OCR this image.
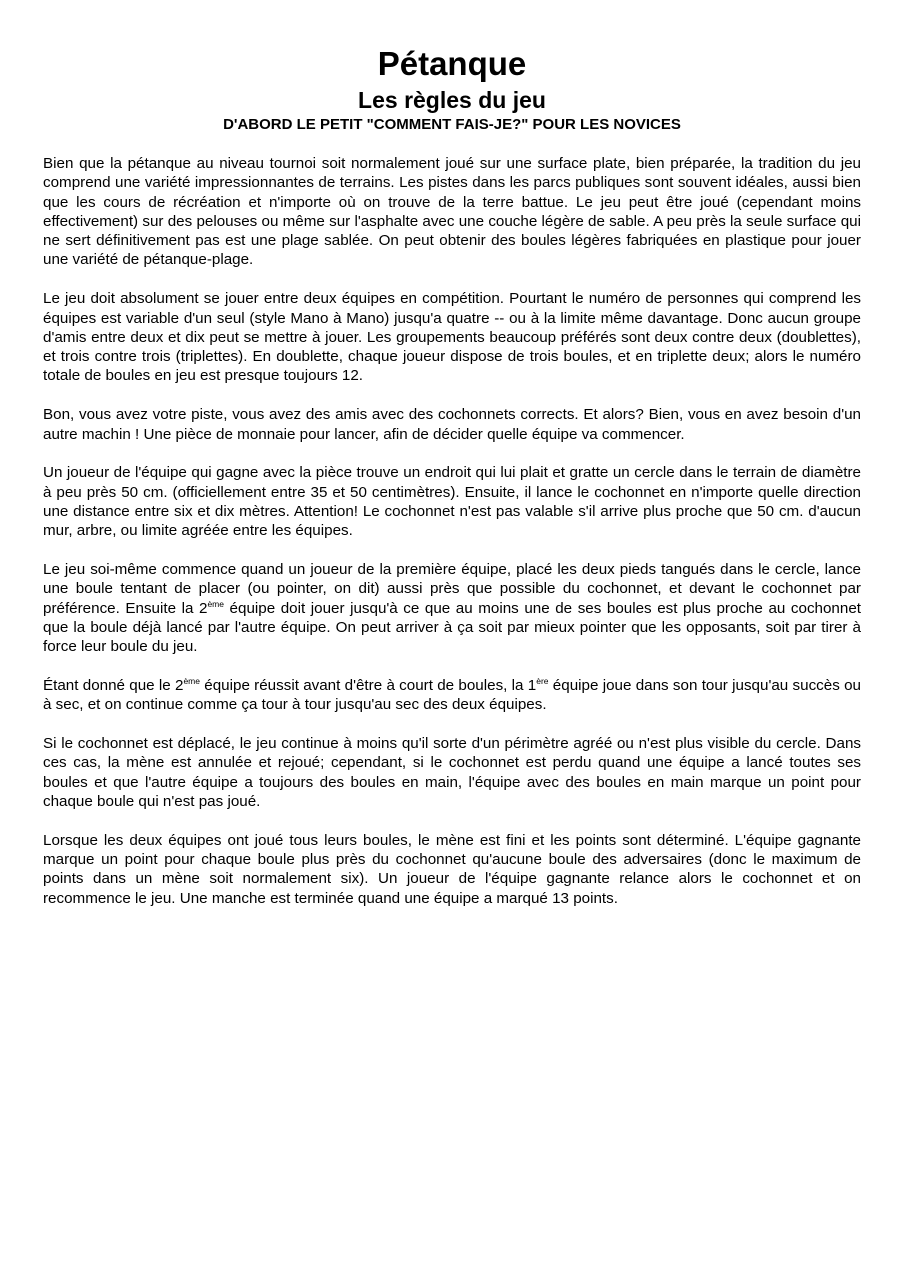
Pétanque
Les règles du jeu
D'ABORD LE PETIT "COMMENT FAIS-JE?" POUR LES NOVICES

Bien que la pétanque au niveau tournoi soit normalement joué sur une surface plate, bien préparée, la tradition du jeu comprend une variété impressionnantes de terrains. Les pistes dans les parcs publiques sont souvent idéales, aussi bien que les cours de récréation et n'importe où on trouve de la terre battue. Le jeu peut être joué (cependant moins effectivement) sur des pelouses ou même sur l'asphalte avec une couche légère de sable. A peu près la seule surface qui ne sert définitivement pas est une plage sablée. On peut obtenir des boules légères fabriquées en plastique pour jouer une variété de pétanque-plage.

Le jeu doit absolument se jouer entre deux équipes en compétition. Pourtant le numéro de personnes qui comprend les équipes est variable d'un seul (style Mano à Mano) jusqu'a quatre -- ou à la limite même davantage. Donc aucun groupe d'amis entre deux et dix peut se mettre à jouer. Les groupements beaucoup préférés sont deux contre deux (doublettes), et trois contre trois (triplettes). En doublette, chaque joueur dispose de trois boules, et en triplette deux; alors le numéro totale de boules en jeu est presque toujours 12.

Bon, vous avez votre piste, vous avez des amis avec des cochonnets corrects. Et alors? Bien, vous en avez besoin d'un autre machin ! Une pièce de monnaie pour lancer, afin de décider quelle équipe va commencer.

Un joueur de l'équipe qui gagne avec la pièce trouve un endroit qui lui plait et gratte un cercle dans le terrain de diamètre à peu près 50 cm. (officiellement entre 35 et 50 centimètres). Ensuite, il lance le cochonnet en n'importe quelle direction une distance entre six et dix mètres. Attention! Le cochonnet n'est pas valable s'il arrive plus proche que 50 cm. d'aucun mur, arbre, ou limite agréée entre les équipes.

Le jeu soi-même commence quand un joueur de la première équipe, placé les deux pieds tangués dans le cercle, lance une boule tentant de placer (ou pointer, on dit) aussi près que possible du cochonnet, et devant le cochonnet par préférence. Ensuite la 2ème équipe doit jouer jusqu'à ce que au moins une de ses boules est plus proche au cochonnet que la boule déjà lancé par l'autre équipe. On peut arriver à ça soit par mieux pointer que les opposants, soit par tirer à force leur boule du jeu.

Étant donné que le 2ème équipe réussit avant d'être à court de boules, la 1ère équipe joue dans son tour jusqu'au succès ou à sec, et on continue comme ça tour à tour jusqu'au sec des deux équipes.

Si le cochonnet est déplacé, le jeu continue à moins qu'il sorte d'un périmètre agréé ou n'est plus visible du cercle. Dans ces cas, la mène est annulée et rejoué; cependant, si le cochonnet est perdu quand une équipe a lancé toutes ses boules et que l'autre équipe a toujours des boules en main, l'équipe avec des boules en main marque un point pour chaque boule qui n'est pas joué.

Lorsque les deux équipes ont joué tous leurs boules, le mène est fini et les points sont déterminé. L'équipe gagnante marque un point pour chaque boule plus près du cochonnet qu'aucune boule des adversaires (donc le maximum de points dans un mène soit normalement six). Un joueur de l'équipe gagnante relance alors le cochonnet et on recommence le jeu. Une manche est terminée quand une équipe a marqué 13 points.
